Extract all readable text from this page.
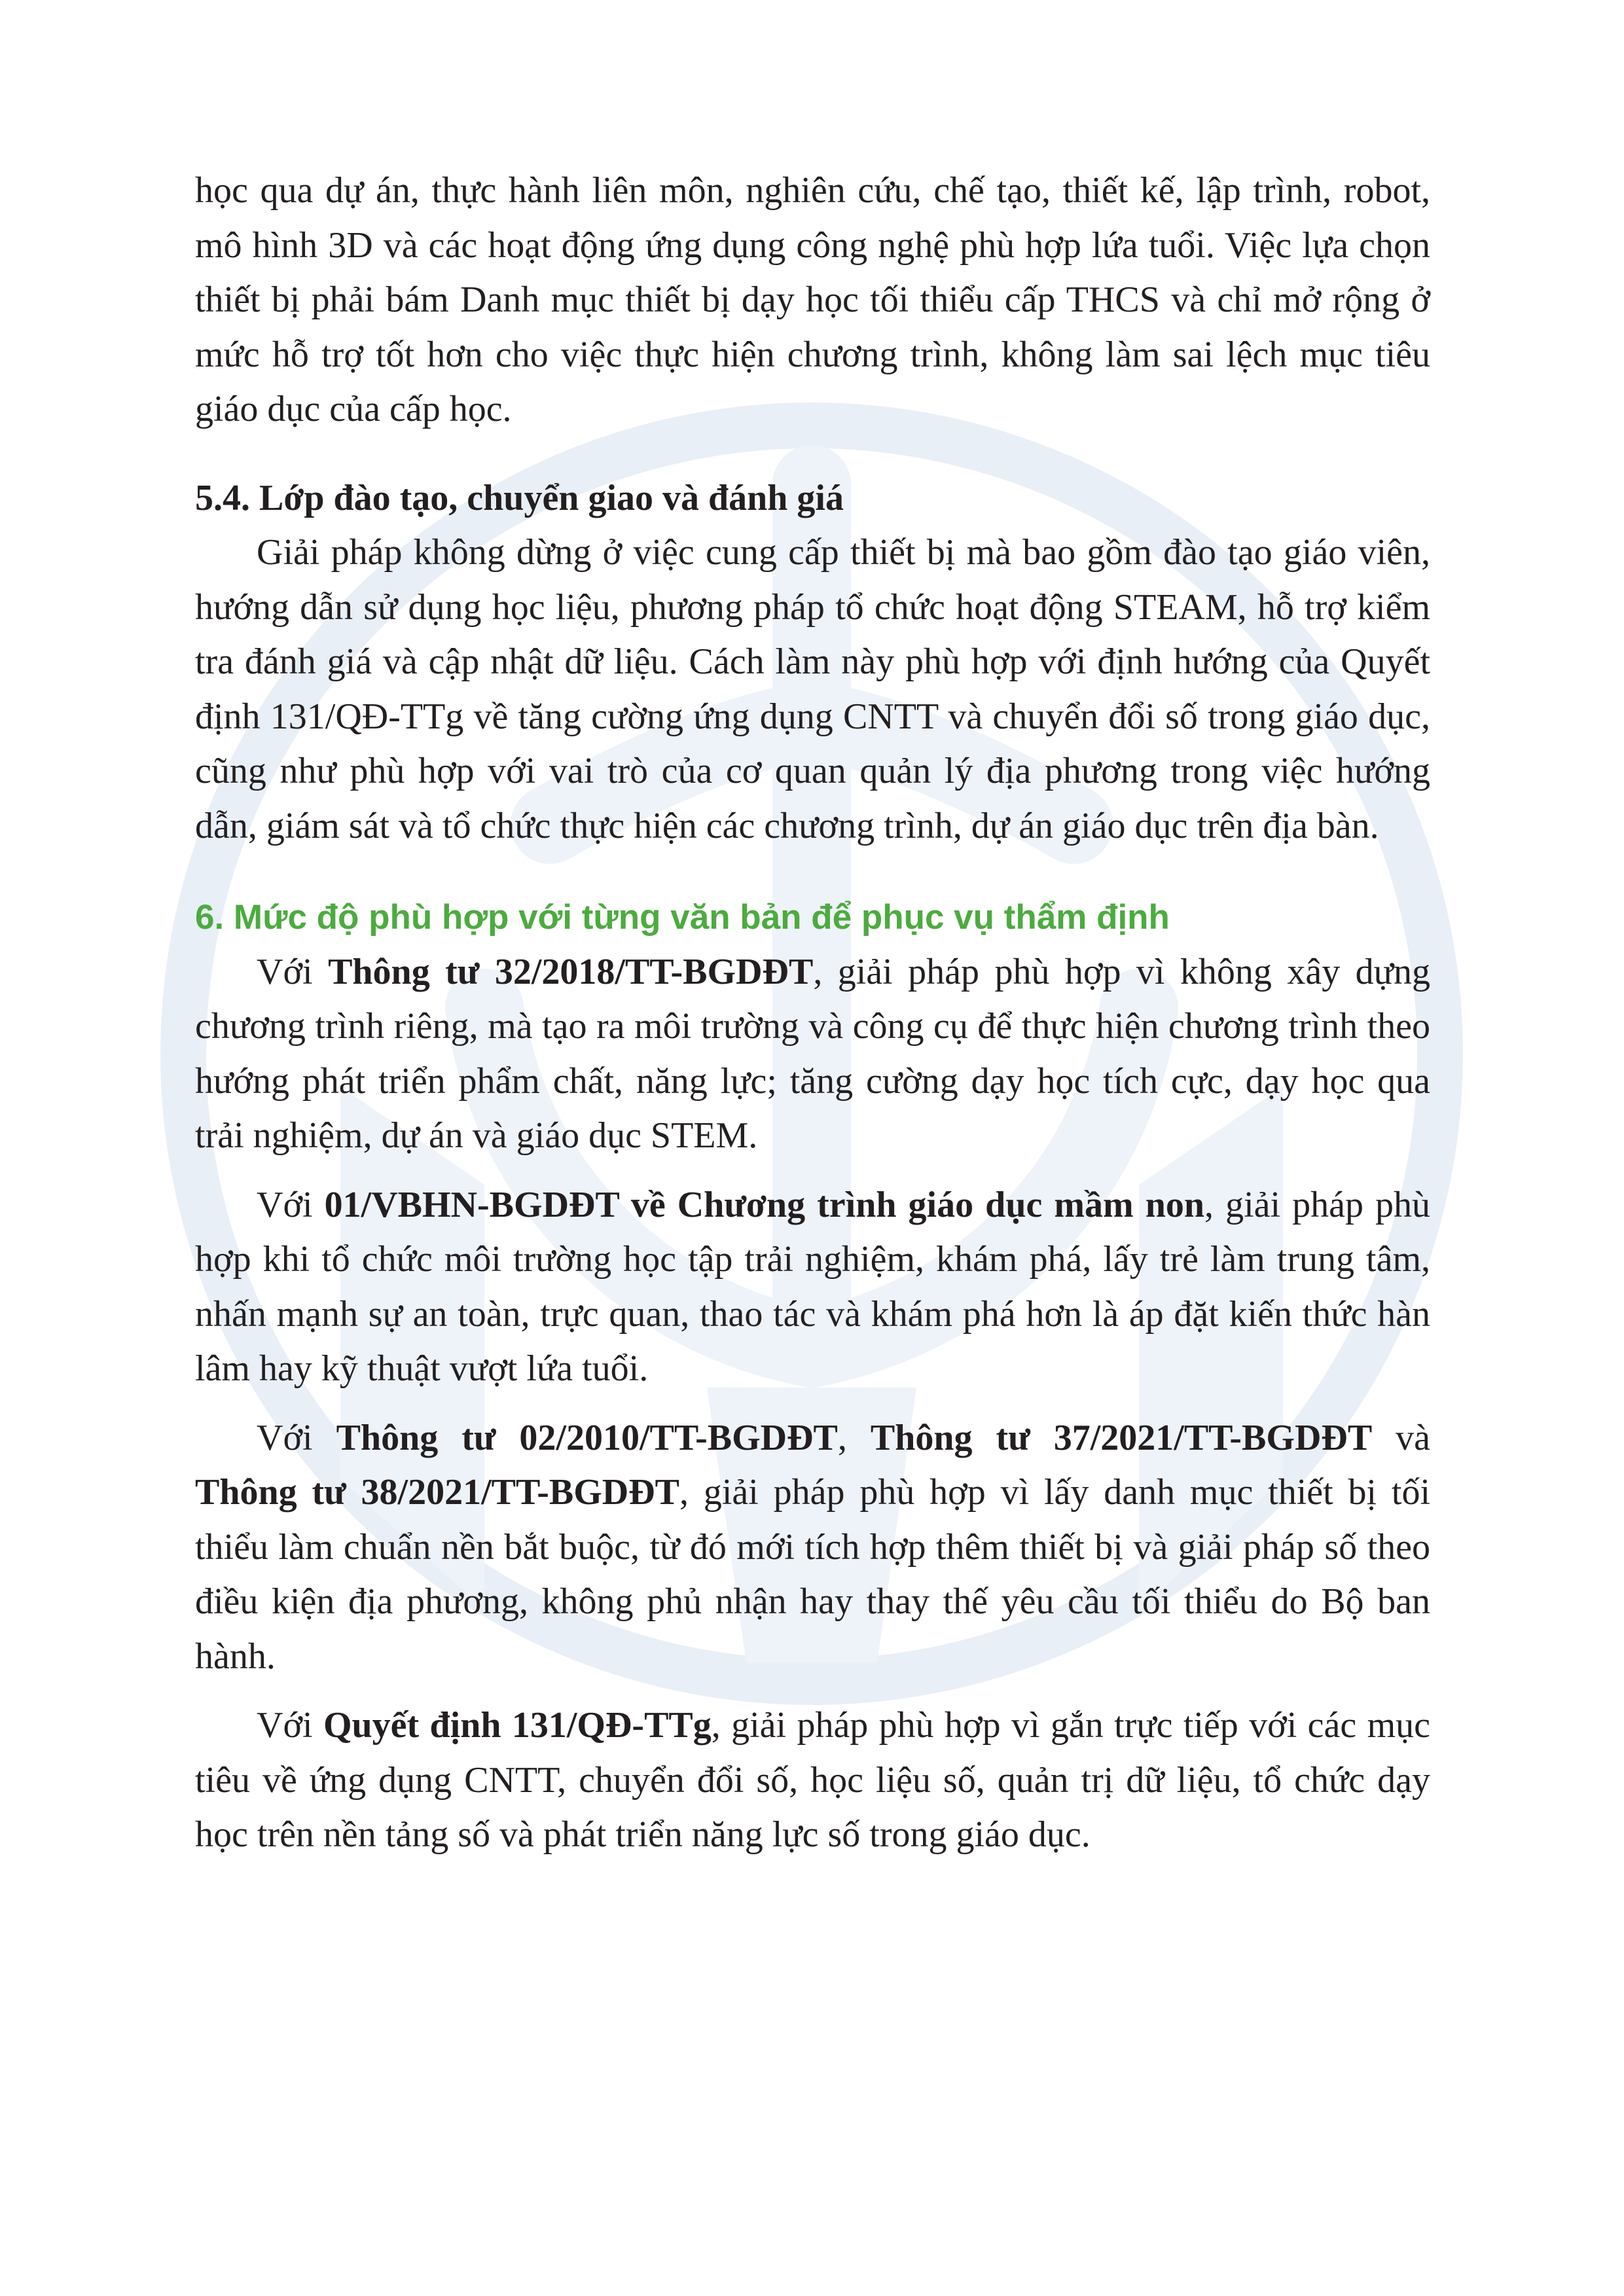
học qua dự án, thực hành liên môn, nghiên cứu, chế tạo, thiết kế, lập trình, robot, mô hình 3D và các hoạt động ứng dụng công nghệ phù hợp lứa tuổi. Việc lựa chọn thiết bị phải bám Danh mục thiết bị dạy học tối thiểu cấp THCS và chỉ mở rộng ở mức hỗ trợ tốt hơn cho việc thực hiện chương trình, không làm sai lệch mục tiêu giáo dục của cấp học.

5.4. Lớp đào tạo, chuyển giao và đánh giá

Giải pháp không dừng ở việc cung cấp thiết bị mà bao gồm đào tạo giáo viên, hướng dẫn sử dụng học liệu, phương pháp tổ chức hoạt động STEAM, hỗ trợ kiểm tra đánh giá và cập nhật dữ liệu. Cách làm này phù hợp với định hướng của Quyết định 131/QĐ-TTg về tăng cường ứng dụng CNTT và chuyển đổi số trong giáo dục, cũng như phù hợp với vai trò của cơ quan quản lý địa phương trong việc hướng dẫn, giám sát và tổ chức thực hiện các chương trình, dự án giáo dục trên địa bàn.

6. Mức độ phù hợp với từng văn bản để phục vụ thẩm định

Với Thông tư 32/2018/TT-BGDĐT, giải pháp phù hợp vì không xây dựng chương trình riêng, mà tạo ra môi trường và công cụ để thực hiện chương trình theo hướng phát triển phẩm chất, năng lực; tăng cường dạy học tích cực, dạy học qua trải nghiệm, dự án và giáo dục STEM.

Với 01/VBHN-BGDĐT về Chương trình giáo dục mầm non, giải pháp phù hợp khi tổ chức môi trường học tập trải nghiệm, khám phá, lấy trẻ làm trung tâm, nhấn mạnh sự an toàn, trực quan, thao tác và khám phá hơn là áp đặt kiến thức hàn lâm hay kỹ thuật vượt lứa tuổi.

Với Thông tư 02/2010/TT-BGDĐT, Thông tư 37/2021/TT-BGDĐT và Thông tư 38/2021/TT-BGDĐT, giải pháp phù hợp vì lấy danh mục thiết bị tối thiểu làm chuẩn nền bắt buộc, từ đó mới tích hợp thêm thiết bị và giải pháp số theo điều kiện địa phương, không phủ nhận hay thay thế yêu cầu tối thiểu do Bộ ban hành.

Với Quyết định 131/QĐ-TTg, giải pháp phù hợp vì gắn trực tiếp với các mục tiêu về ứng dụng CNTT, chuyển đổi số, học liệu số, quản trị dữ liệu, tổ chức dạy học trên nền tảng số và phát triển năng lực số trong giáo dục.
